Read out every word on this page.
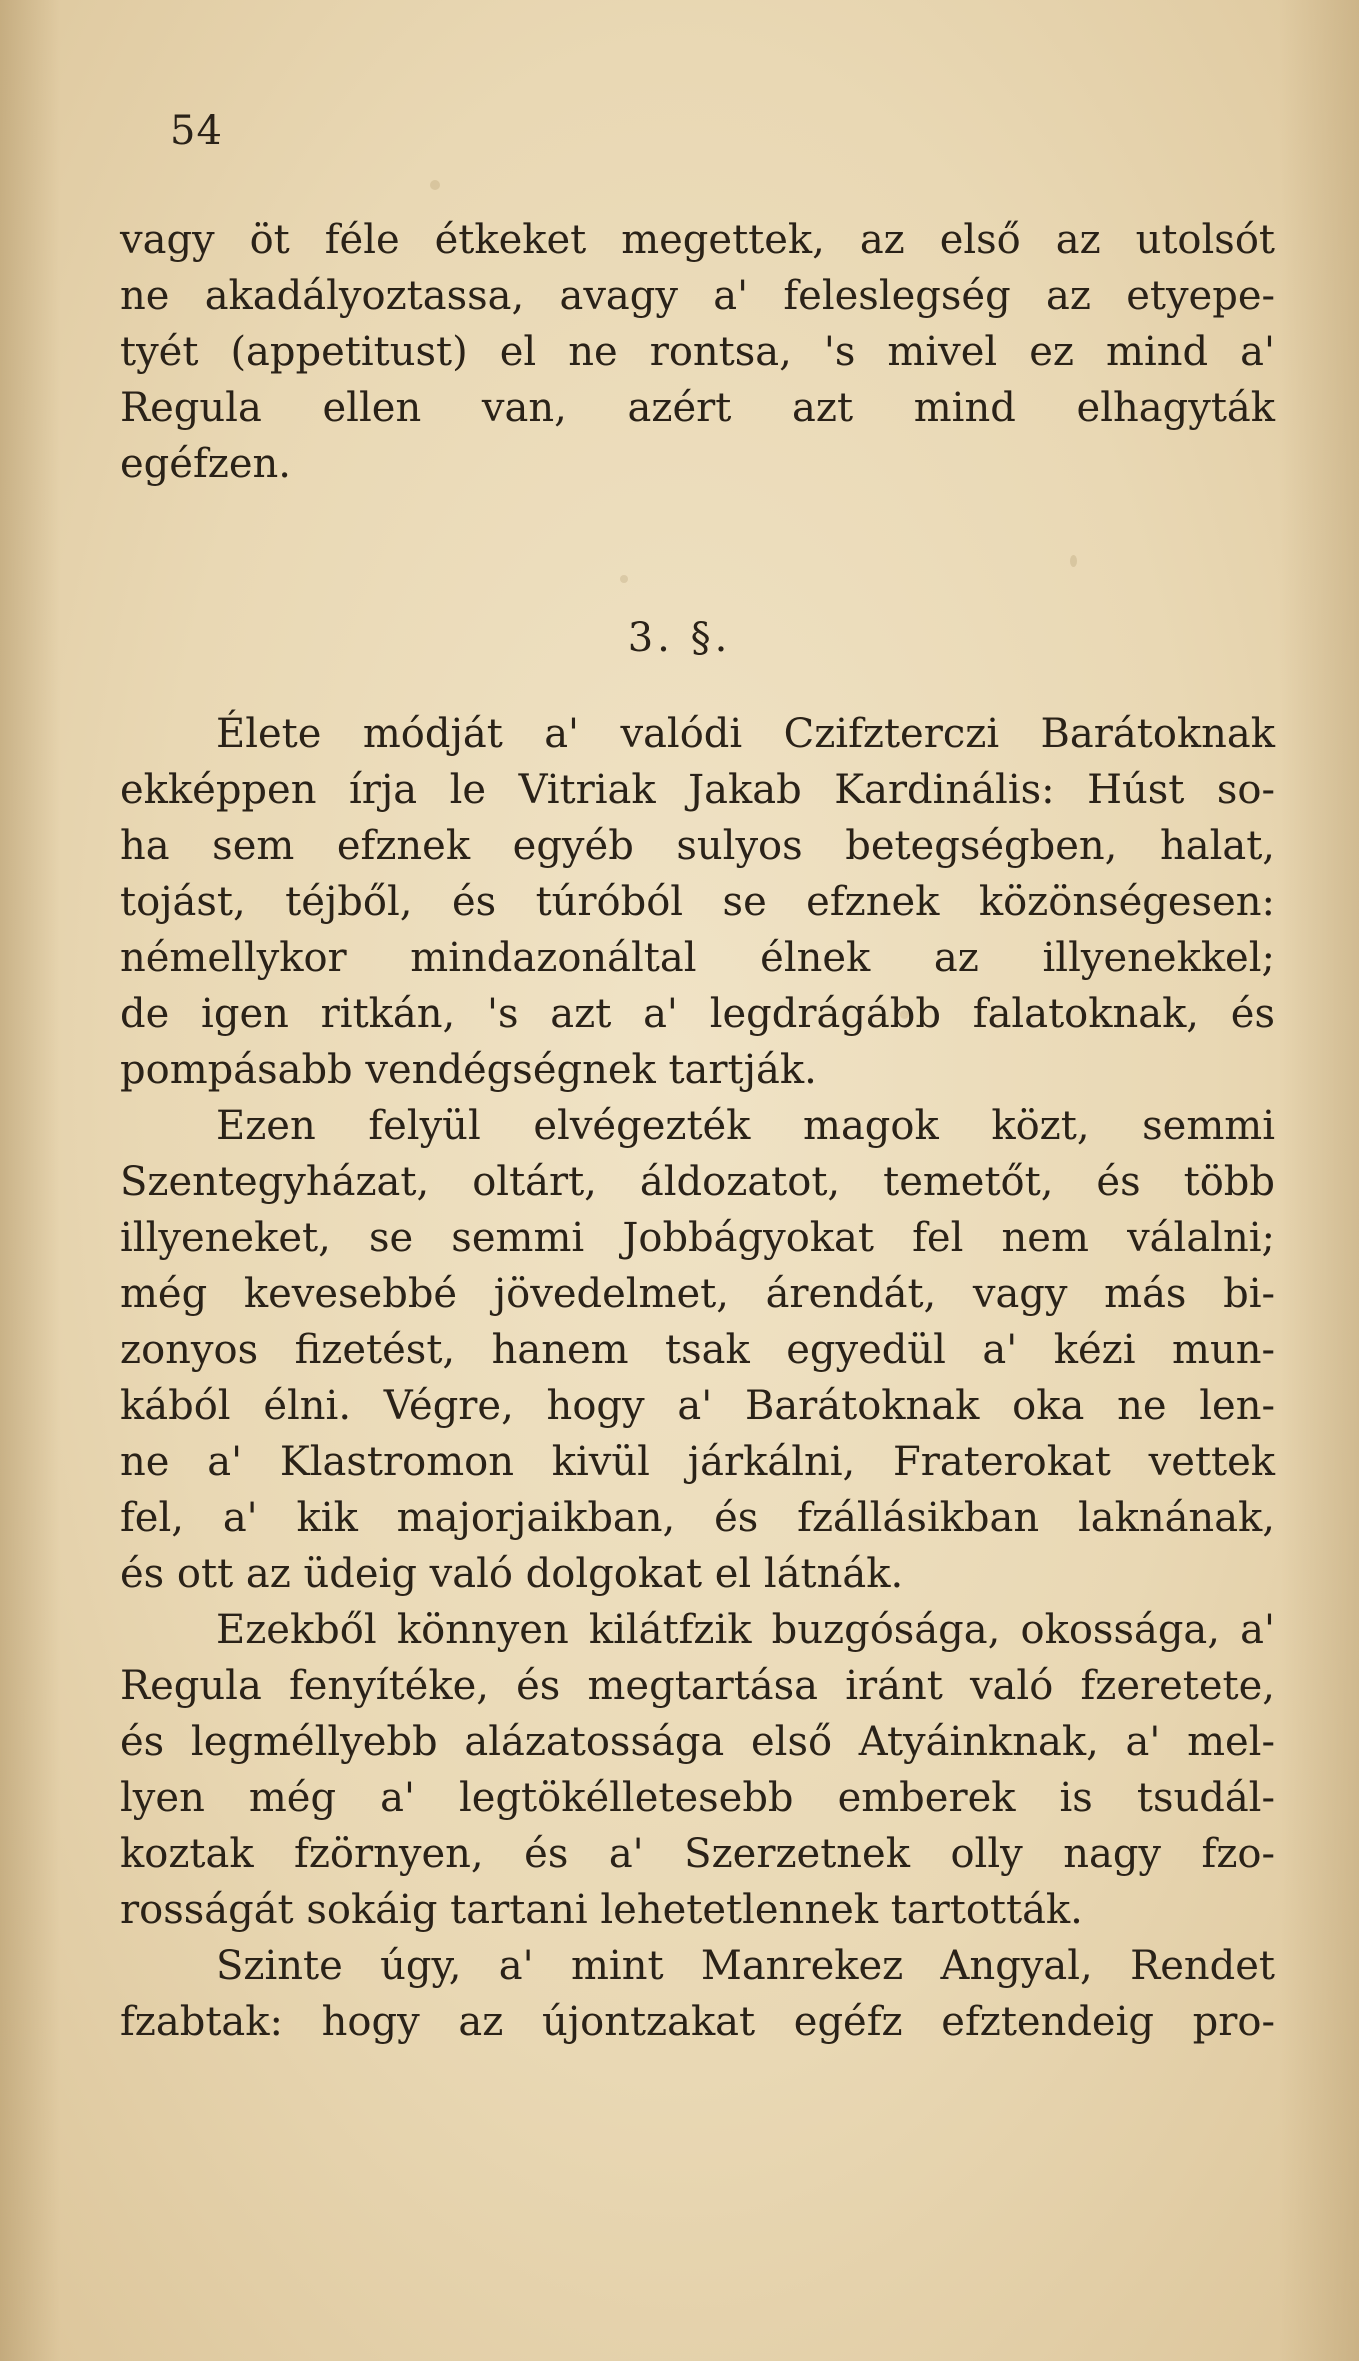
54
vagy öt féle étkeket megettek, az első az utolsót
ne akadályoztassa, avagy a' feleslegség az etyepe-
tyét (appetitust) el ne rontsa, 's mivel ez mind a'
Regula ellen van, azért azt mind elhagyták
egéfzen.
3. §.
Élete módját a' valódi Czifzterczi Barátoknak
ekképpen írja le Vitriak Jakab Kardinális: Húst so-
ha sem efznek egyéb sulyos betegségben, halat,
tojást, téjből, és túróból se efznek közönségesen:
némellykor mindazonáltal élnek az illyenekkel;
de igen ritkán, 's azt a' legdrágább falatoknak, és
pompásabb vendégségnek tartják.
Ezen felyül elvégezték magok közt, semmi
Szentegyházat, oltárt, áldozatot, temetőt, és több
illyeneket, se semmi Jobbágyokat fel nem válalni;
még kevesebbé jövedelmet, árendát, vagy más bi-
zonyos fizetést, hanem tsak egyedül a' kézi mun-
kából élni. Végre, hogy a' Barátoknak oka ne len-
ne a' Klastromon kivül járkálni, Fraterokat vettek
fel, a' kik majorjaikban, és fzállásikban laknának,
és ott az üdeig való dolgokat el látnák.
Ezekből könnyen kilátfzik buzgósága, okossága, a'
Regula fenyítéke, és megtartása iránt való fzeretete,
és legméllyebb alázatossága első Atyáinknak, a' mel-
lyen még a' legtökélletesebb emberek is tsudál-
koztak fzörnyen, és a' Szerzetnek olly nagy fzo-
rosságát sokáig tartani lehetetlennek tartották.
Szinte úgy, a' mint Manrekez Angyal, Rendet
fzabtak: hogy az újontzakat egéfz efztendeig pro-
